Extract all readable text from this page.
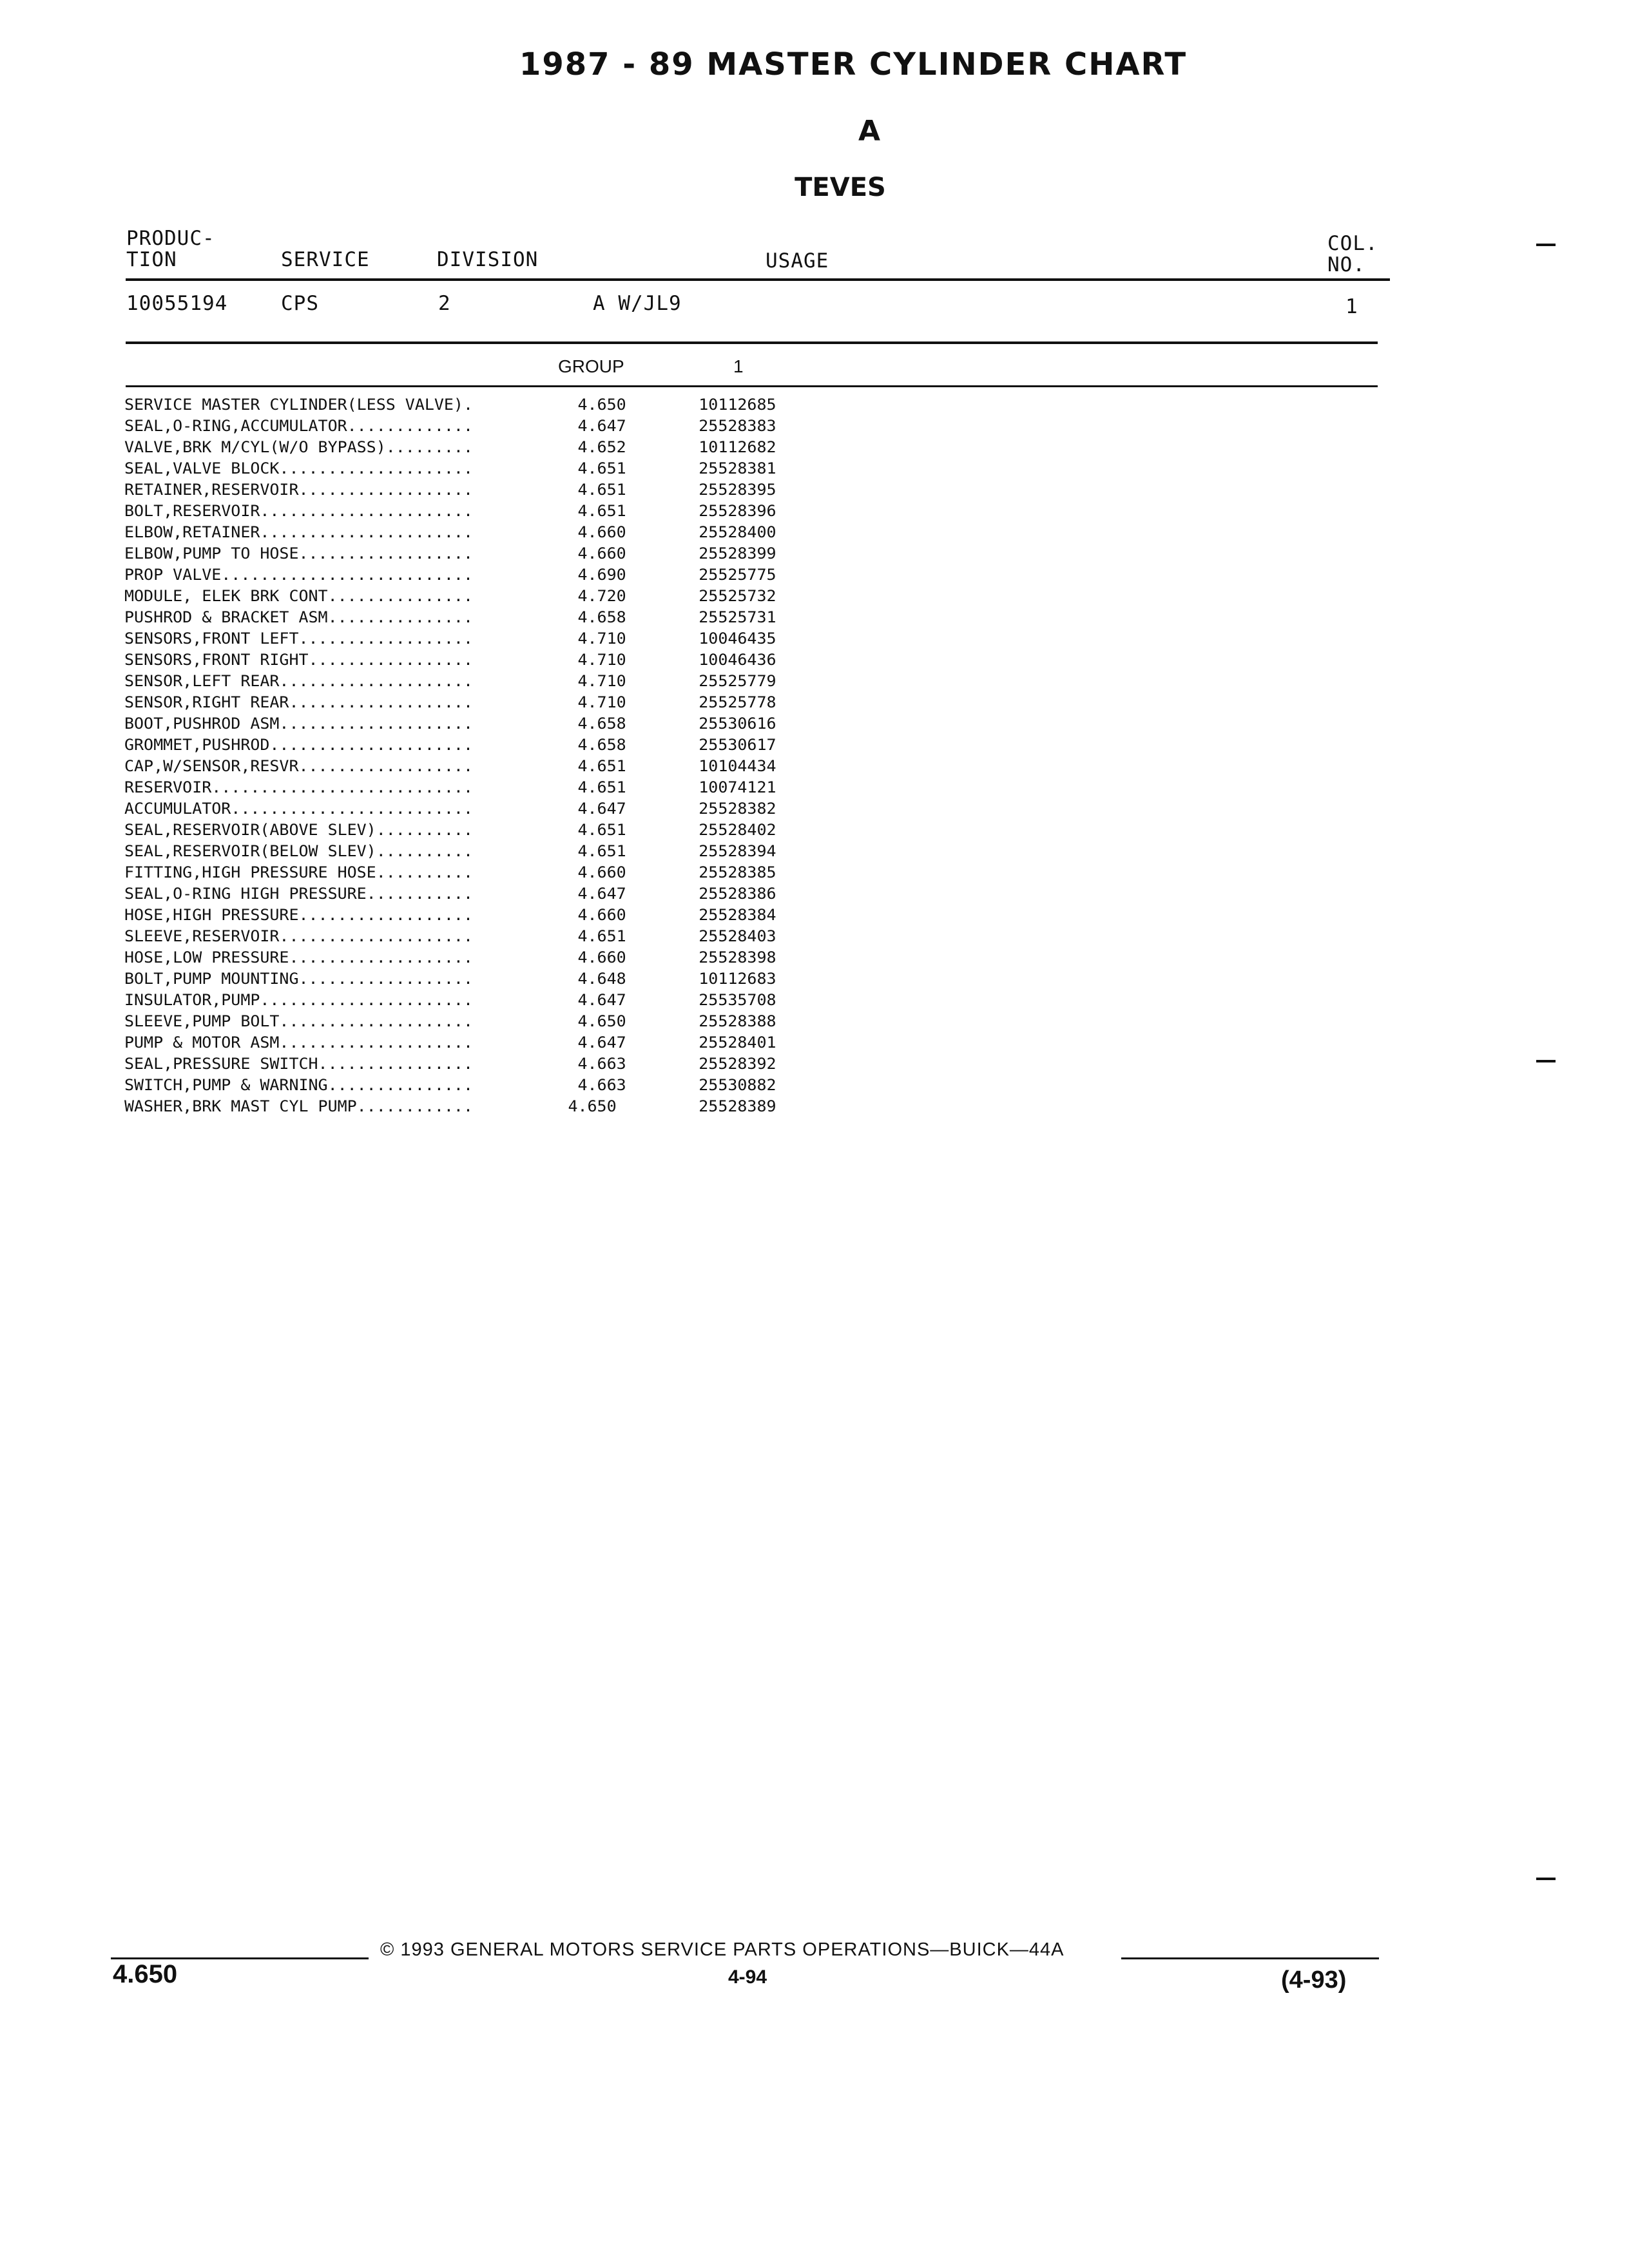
1987 - 89 MASTER CYLINDER CHART
A
TEVES
PRODUC-
TION	SERVICE	DIVISION	USAGE
COL.
NO.
10055194	CPS	2	A W/JL9	1
GROUP	1
SERVICE MASTER CYLINDER(LESS VALVE).	4.650	10112685
SEAL,O-RING,ACCUMULATOR.............	4.647	25528383
VALVE,BRK M/CYL(W/O BYPASS).........	4.652	10112682
SEAL,VALVE BLOCK....................	4.651	25528381
RETAINER,RESERVOIR..................	4.651	25528395
BOLT,RESERVOIR......................	4.651	25528396
ELBOW,RETAINER......................	4.660	25528400
ELBOW,PUMP TO HOSE..................	4.660	25528399
PROP VALVE..........................	4.690	25525775
MODULE, ELEK BRK CONT...............	4.720	25525732
PUSHROD & BRACKET ASM...............	4.658	25525731
SENSORS,FRONT LEFT..................	4.710	10046435
SENSORS,FRONT RIGHT.................	4.710	10046436
SENSOR,LEFT REAR....................	4.710	25525779
SENSOR,RIGHT REAR...................	4.710	25525778
BOOT,PUSHROD ASM....................	4.658	25530616
GROMMET,PUSHROD.....................	4.658	25530617
CAP,W/SENSOR,RESVR..................	4.651	10104434
RESERVOIR...........................	4.651	10074121
ACCUMULATOR.........................	4.647	25528382
SEAL,RESERVOIR(ABOVE SLEV)..........	4.651	25528402
SEAL,RESERVOIR(BELOW SLEV)..........	4.651	25528394
FITTING,HIGH PRESSURE HOSE..........	4.660	25528385
SEAL,O-RING HIGH PRESSURE...........	4.647	25528386
HOSE,HIGH PRESSURE..................	4.660	25528384
SLEEVE,RESERVOIR....................	4.651	25528403
HOSE,LOW PRESSURE...................	4.660	25528398
BOLT,PUMP MOUNTING..................	4.648	10112683
INSULATOR,PUMP......................	4.647	25535708
SLEEVE,PUMP BOLT....................	4.650	25528388
PUMP & MOTOR ASM....................	4.647	25528401
SEAL,PRESSURE SWITCH................	4.663	25528392
SWITCH,PUMP & WARNING...............	4.663	25530882
WASHER,BRK MAST CYL PUMP............	4.650	25528389
© 1993 GENERAL MOTORS SERVICE PARTS OPERATIONS—BUICK—44A
4.650	4-94	(4-93)
